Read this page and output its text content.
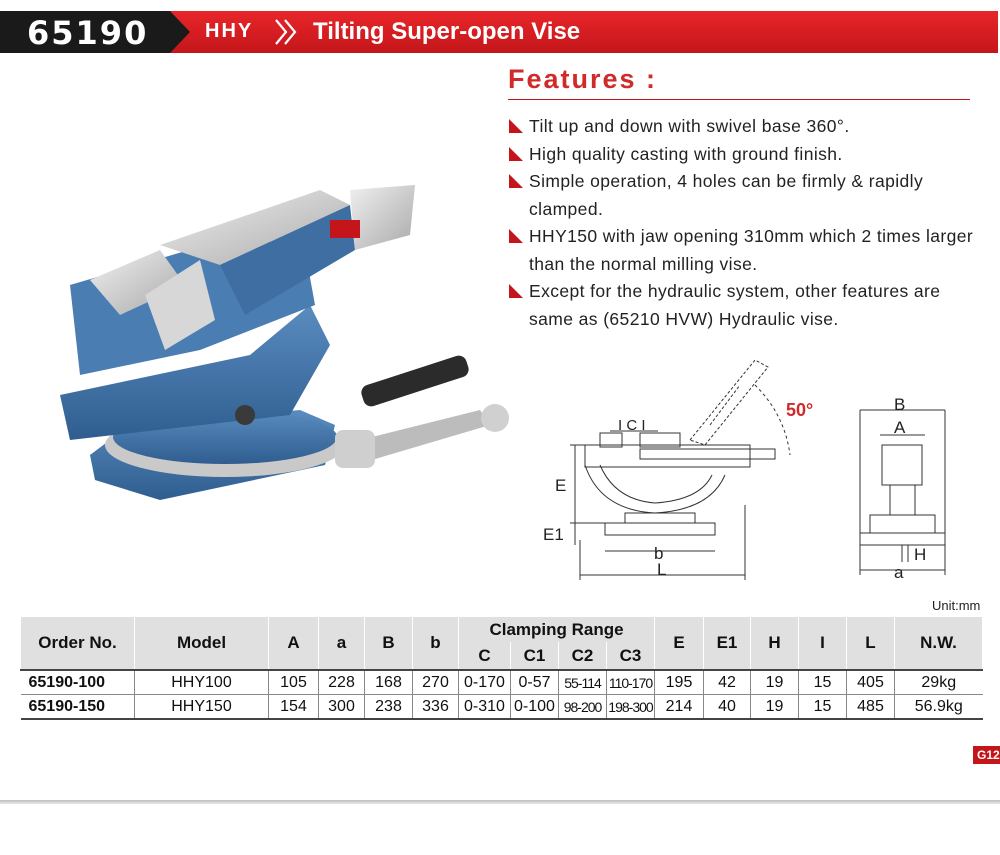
65190	HHY Tilting Super-open Vise
Features :
Tilt up and down with swivel base 360°.
High quality casting with ground finish.
Simple operation, 4 holes can be firmly & rapidly clamped.
HHY150 with jaw opening 310mm which 2 times larger than the normal milling vise.
Except for the hydraulic system, other features are same as (65210 HVW) Hydraulic vise.
I C I
E
E1
b
L
50°	B
A
H
a
Unit:mm
Order No.	Model	A	a	B	b	Clamping Range				E	E1	H	I	L	N.W.
						C	C1	C2	C3						
65190-100	HHY100	105	228	168	270	0-170	0-57	55-114	110-170	195	42	19	15	405	29kg
65190-150	HHY150	154	300	238	336	0-310	0-100	98-200	198-300	214	40	19	15	485	56.9kg
G12
